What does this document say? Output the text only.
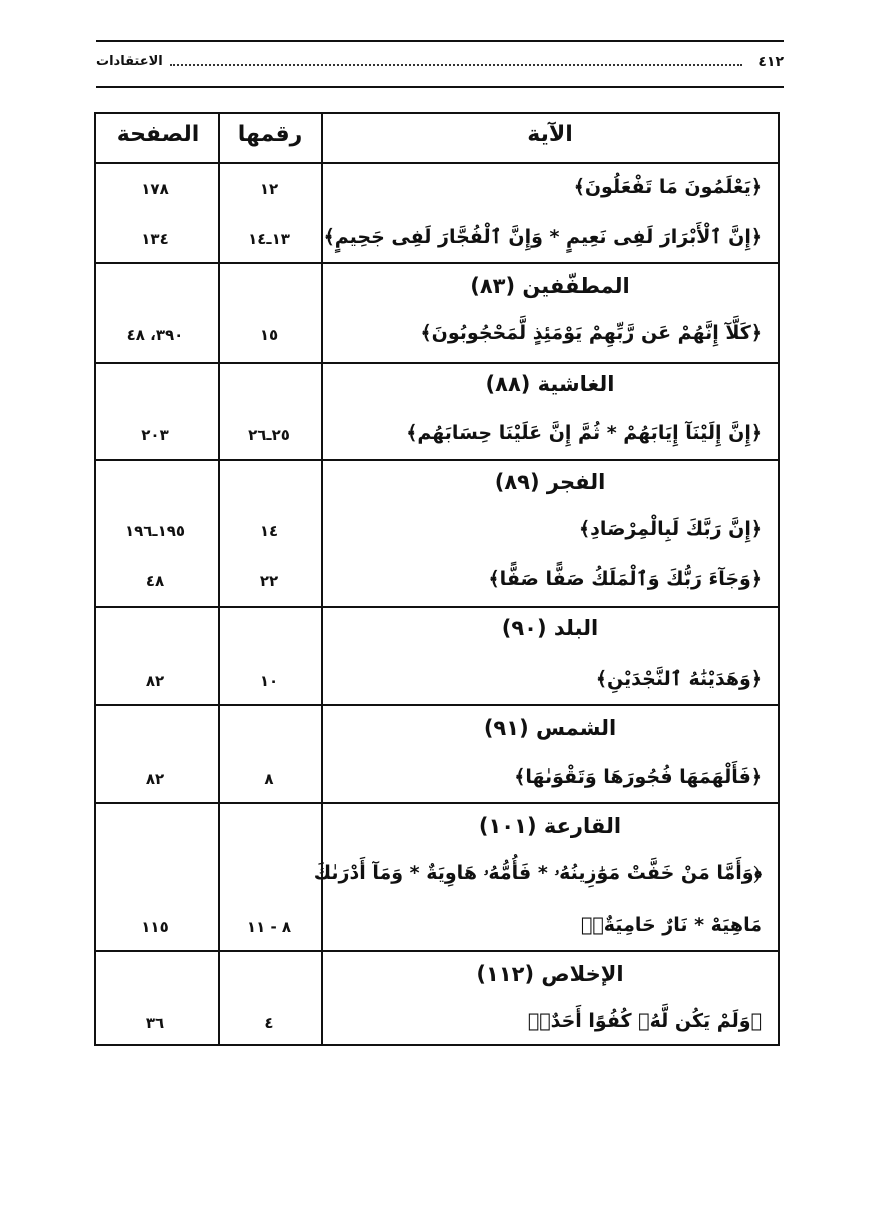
٤١٢
الاعتقادات
الآية
رقمها
الصفحة
﴿يَعْلَمُونَ مَا تَفْعَلُونَ﴾
١٢
١٧٨
﴿إِنَّ ٱلْأَبْرَارَ لَفِى نَعِيمٍ * وَإِنَّ ٱلْفُجَّارَ لَفِى جَحِيمٍ﴾
١٣ـ١٤
١٣٤
المطفّفين (٨٣)
﴿كَلَّآ إِنَّهُمْ عَن رَّبِّهِمْ يَوْمَئِذٍ لَّمَحْجُوبُونَ﴾
١٥
٣٩٠، ٤٨
الغاشية (٨٨)
﴿إِنَّ إِلَيْنَآ إِيَابَهُمْ * ثُمَّ إِنَّ عَلَيْنَا حِسَابَهُم﴾
٢٥ـ٢٦
٢٠٣
الفجر (٨٩)
﴿إِنَّ رَبَّكَ لَبِالْمِرْصَادِ﴾
١٤
١٩٥ـ١٩٦
﴿وَجَآءَ رَبُّكَ وَٱلْمَلَكُ صَفًّا صَفًّا﴾
٢٢
٤٨
البلد (٩٠)
﴿وَهَدَيْنَٰهُ ٱلنَّجْدَيْنِ﴾
١٠
٨٢
الشمس (٩١)
﴿فَأَلْهَمَهَا فُجُورَهَا وَتَقْوَىٰهَا﴾
٨
٨٢
القارعة (١٠١)
﴿وَأَمَّا مَنْ خَفَّتْ مَوَٰزِينُهُۥ * فَأُمُّهُۥ هَاوِيَةٌ * وَمَآ أَدْرَىٰكَ
مَاهِيَهْ * نَارٌ حَامِيَةٌۢ﴾
٨ - ١١
١١٥
الإخلاص (١١٢)
﴿وَلَمْ يَكُن لَّهُۥ كُفُوًا أَحَدٌۢ﴾
٤
٣٦
